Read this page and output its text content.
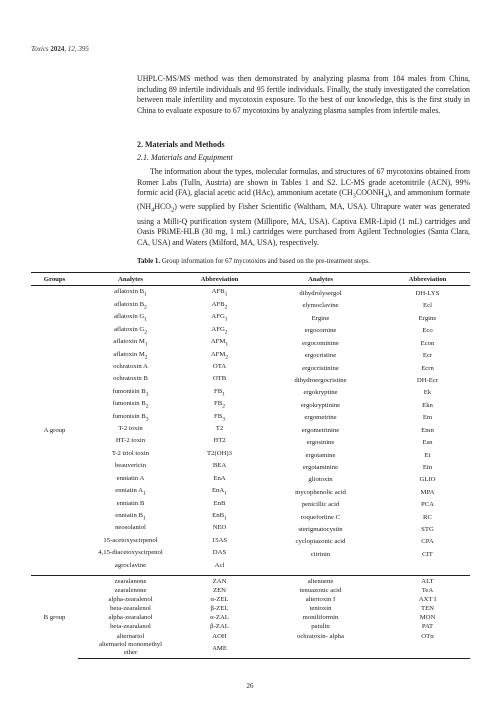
Toxics 2024, 12, 395

UHPLC-MS/MS method was then demonstrated by analyzing plasma from 184 males from China, including 89 infertile individuals and 95 fertile individuals. Finally, the study investigated the correlation between male infertility and mycotoxin exposure. To the best of our knowledge, this is the first study in China to evaluate exposure to 67 mycotoxins by analyzing plasma samples from infertile males.

2. Materials and Methods
2.1. Materials and Equipment

The information about the types, molecular formulas, and structures of 67 mycotoxins obtained from Romer Labs (Tulln, Austria) are shown in Tables 1 and S2. LC-MS grade acetonitrile (ACN), 99% formic acid (FA), glacial acetic acid (HAc), ammonium acetate $(CH_3COONH_4)$, and ammonium formate $(NH_4HCO_2)$ were supplied by Fisher Scientific (Waltham, MA, USA). Ultrapure water was generated using a Milli-Q purification system (Millipore, MA, USA). Captiva EMR-Lipid (1 mL) cartridges and Oasis PRiME-HLB (30 mg, 1 mL) cartridges were purchased from Agilent Technologies (Santa Clara, CA, USA) and Waters (Milford, MA, USA), respectively.

Table 1. Group information for 67 mycotoxins and based on the pre-treatment steps.

Groups	Analytes	Abbreviation	Analytes	Abbreviation
A group	aflatoxin $B_1$	$AFB_1$	dihydrolysergol	DH-LYS
	aflatoxin $B_2$	$AFB_2$	elymoclavine	Ecl
	aflatoxin $G_1$	$AFG_1$	Ergine	Ergine
	aflatoxin $G_2$	$AFG_2$	ergocornine	Eco
	aflatoxin $M_1$	$AFM_1$	ergocominine	Econ
	aflatoxin $M_2$	$AFM_2$	ergocristine	Ecr
	ochratoxin A	OTA	ergocristinine	Ecrn
	ochratoxin B	OTB	dihydroergocristine	DH-Ecr
	fumonisin $B_1$	$FB_1$	ergokryptine	Ek
	fumonisin $B_2$	$FB_2$	ergokryptinine	Ekn
	fumonisin $B_3$	$FB_3$	ergometrine	Em
	T-2 toxin	T2	ergometrinine	Emn
	HT-2 toxin	HT2	ergosinine	Esn
	T-2 triol toxin	T2(OH)3	ergotamine	Et
	beauvericin	BEA	ergotaminine	Etn
	enniatin A	EnA	gliotoxin	GLIO
	enniatin $A_1$	EnA$_1$	mycophenolic acid	MPA
	enniatin B	EnB	penicillic acid	PCA
	enniatin $B_1$	EnB$_1$	roquefortine C	RC
	neosolaniol	NEO	sterigmatocystin	STG
	15-acetoxyscirpenol	15AS	cyclopiazonic acid	CPA
	4,15-diacetoxyscirpenol	DAS	citrinin	CIT
	agroclavine	Acl		
B group	zearalanone	ZAN	altenuene	ALT
	zearalenone	ZEN	tenuazonic acid	TeA
	alpha-zearalenol	α-ZEL	altertoxin I	AXT I
	beta-zearalenol	β-ZEL	tentoxin	TEN
	alpha-zearalanol	α-ZAL	moniliformin	MON
	beta-zearalanol	β-ZAL	patulin	PAT
	alternariol	AOH	ochratoxin- alpha	OTα
	alternariol monomethyl
ether	AME		
26
